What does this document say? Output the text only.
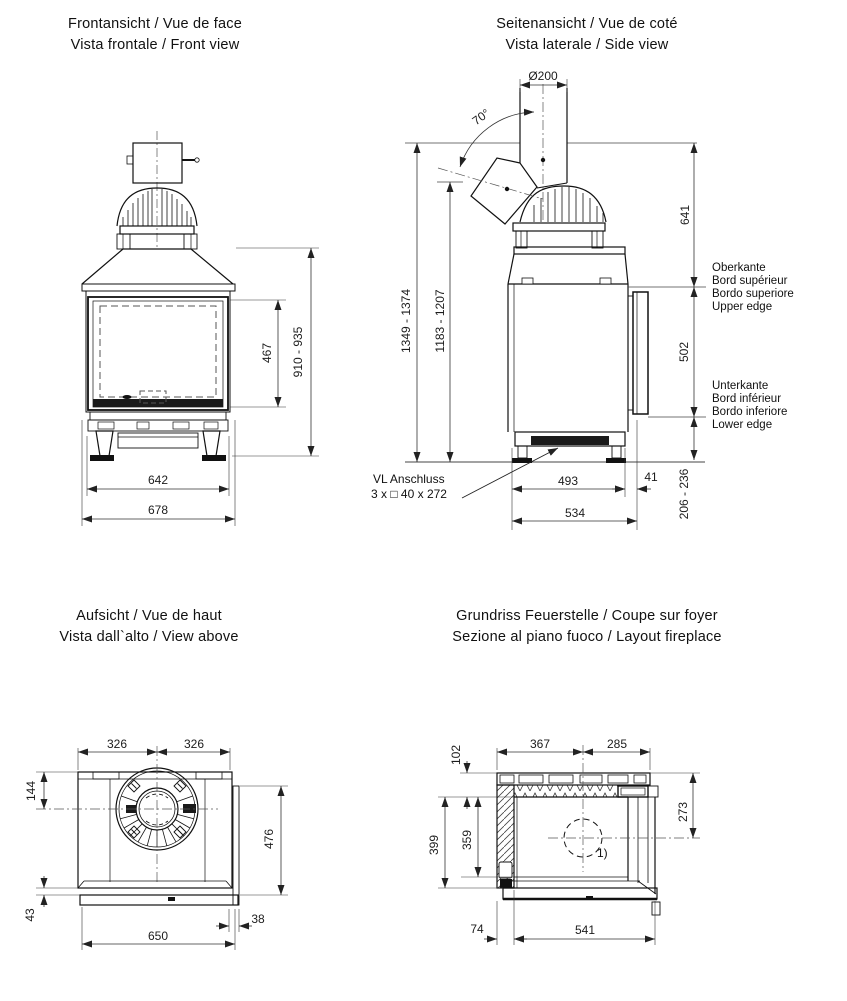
Frontansicht / Vue de face
Vista frontale / Front view
Seitenansicht / Vue de coté
Vista laterale / Side view
Aufsicht / Vue de haut
Vista dall`alto / View above
Grundriss Feuerstelle / Coupe sur foyer
Sezione al piano fuoco / Layout fireplace
467 910 - 935
642
678
Ø200
70°
641
1349 - 1374 1183 - 1207	502
206 - 236
493	41
534
VL Anschluss
3 x □ 40 x 272
Oberkante
Bord supérieur
Bordo superiore
Upper edge
Unterkante
Bord inférieur
Bordo inferiore
Lower edge
326	326
144
476
43	38
650
367	285
102
399 359
273
74	541
1)
